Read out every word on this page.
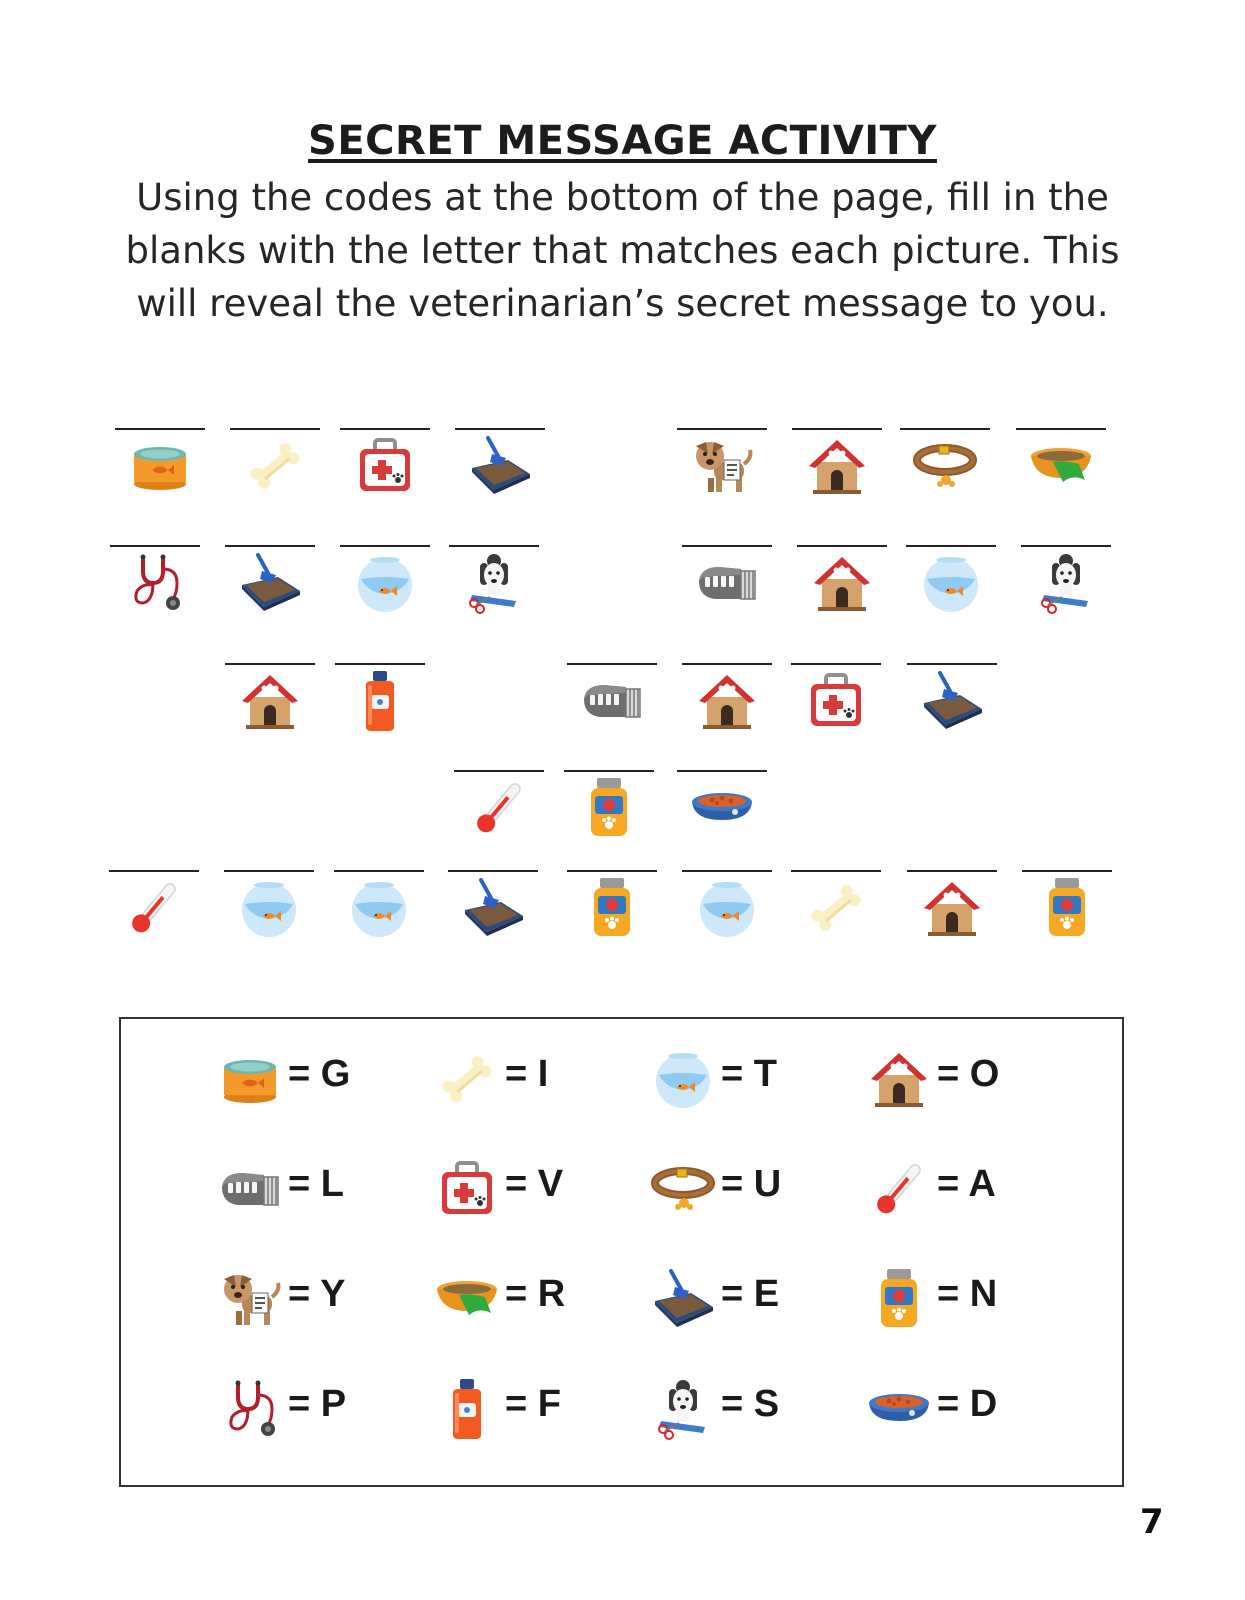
SECRET MESSAGE ACTIVITY

Using the codes at the bottom of the page, fill in the

blanks with the letter that matches each picture. This

will reveal the veterinarian’s secret message to you.

= G	= I	= T	= O
= L	= V	= U	= A
= Y	= R	= E	= N
= P	= F	= S	= D
7
